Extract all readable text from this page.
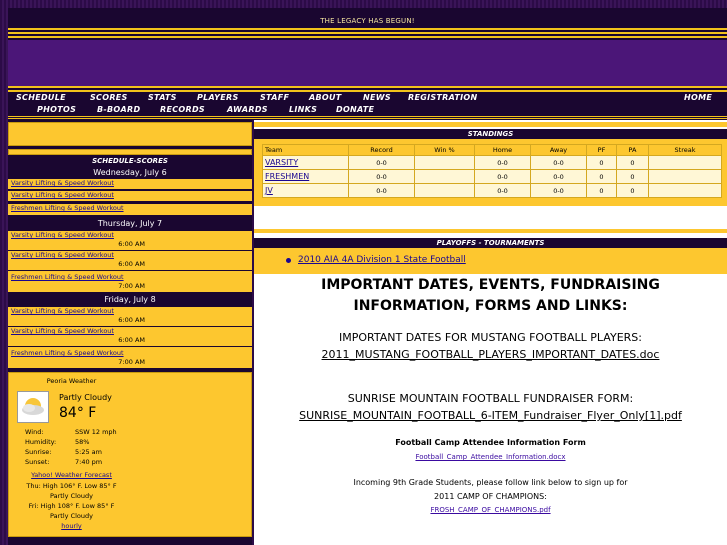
THE LEGACY HAS BEGUN!
SCHEDULE	SCORES	STATS	PLAYERS	STAFF ABOUT	NEWS REGISTRATION	HOME
PHOTOS	B-BOARD RECORDS	AWARDS	LINKS DONATE
SCHEDULE-SCORES
Wednesday, July 6
Varsity Lifting & Speed Workout
Varsity Lifting & Speed Workout
Freshmen Lifting & Speed Workout
Thursday, July 7
Varsity Lifting & Speed Workout
6:00 AM
Varsity Lifting & Speed Workout
6:00 AM
Freshmen Lifting & Speed Workout
7:00 AM
Friday, July 8
Varsity Lifting & Speed Workout
6:00 AM
Varsity Lifting & Speed Workout
6:00 AM
Freshmen Lifting & Speed Workout
7:00 AM
Peoria Weather
Partly Cloudy
84° F
Wind:	SSW 12 mph
Humidity:	58%
Sunrise:	5:25 am
Sunset:	7:40 pm
Yahoo! Weather Forecast
Thu: High 106° F. Low 85° F
Partly Cloudy
Fri: High 108° F. Low 85° F
Partly Cloudy
hourly
STANDINGS
Team	Record	Win %	Home	Away	PF	PA	Streak
VARSITY	0-0		0-0	0-0	0	0	
FRESHMEN	0-0		0-0	0-0	0	0	
JV	0-0		0-0	0-0	0	0	
PLAYOFFS - TOURNAMENTS
2010 AIA 4A Division 1 State Football
IMPORTANT DATES, EVENTS, FUNDRAISING
INFORMATION, FORMS AND LINKS:
IMPORTANT DATES FOR MUSTANG FOOTBALL PLAYERS:
2011_MUSTANG_FOOTBALL_PLAYERS_IMPORTANT_DATES.doc
SUNRISE MOUNTAIN FOOTBALL FUNDRAISER FORM:
SUNRISE_MOUNTAIN_FOOTBALL_6-ITEM_Fundraiser_Flyer_Only[1].pdf
Football Camp Attendee Information Form
Football_Camp_Attendee_Information.docx
Incoming 9th Grade Students, please follow link below to sign up for
2011 CAMP OF CHAMPIONS:
FROSH_CAMP_OF_CHAMPIONS.pdf
